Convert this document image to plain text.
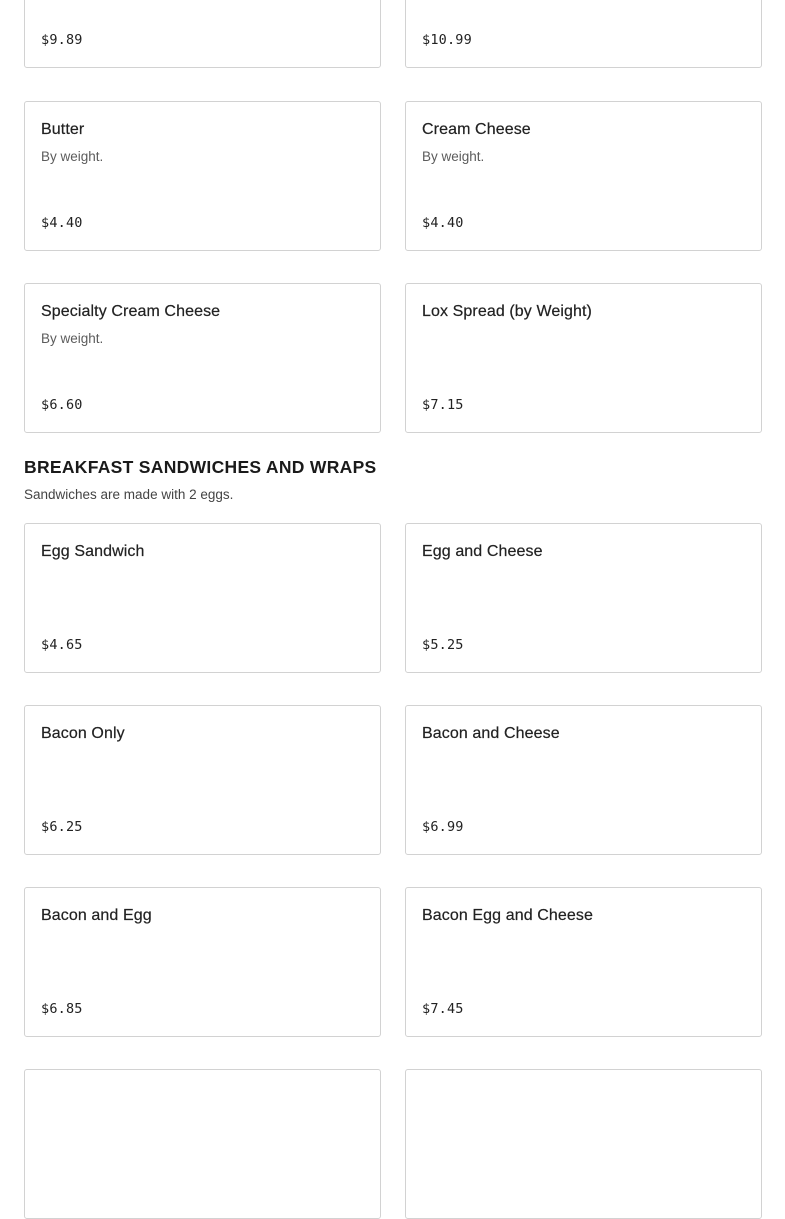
$9.89	$10.99
Butter
By weight.
$4.40
Cream Cheese
By weight.
$4.40
Specialty Cream Cheese
By weight.
$6.60
Lox Spread (by Weight)
$7.15
BREAKFAST SANDWICHES AND WRAPS

Sandwiches are made with 2 eggs.

Egg Sandwich
$4.65
Egg and Cheese
$5.25
Bacon Only
$6.25
Bacon and Cheese
$6.99
Bacon and Egg
$6.85
Bacon Egg and Cheese
$7.45
